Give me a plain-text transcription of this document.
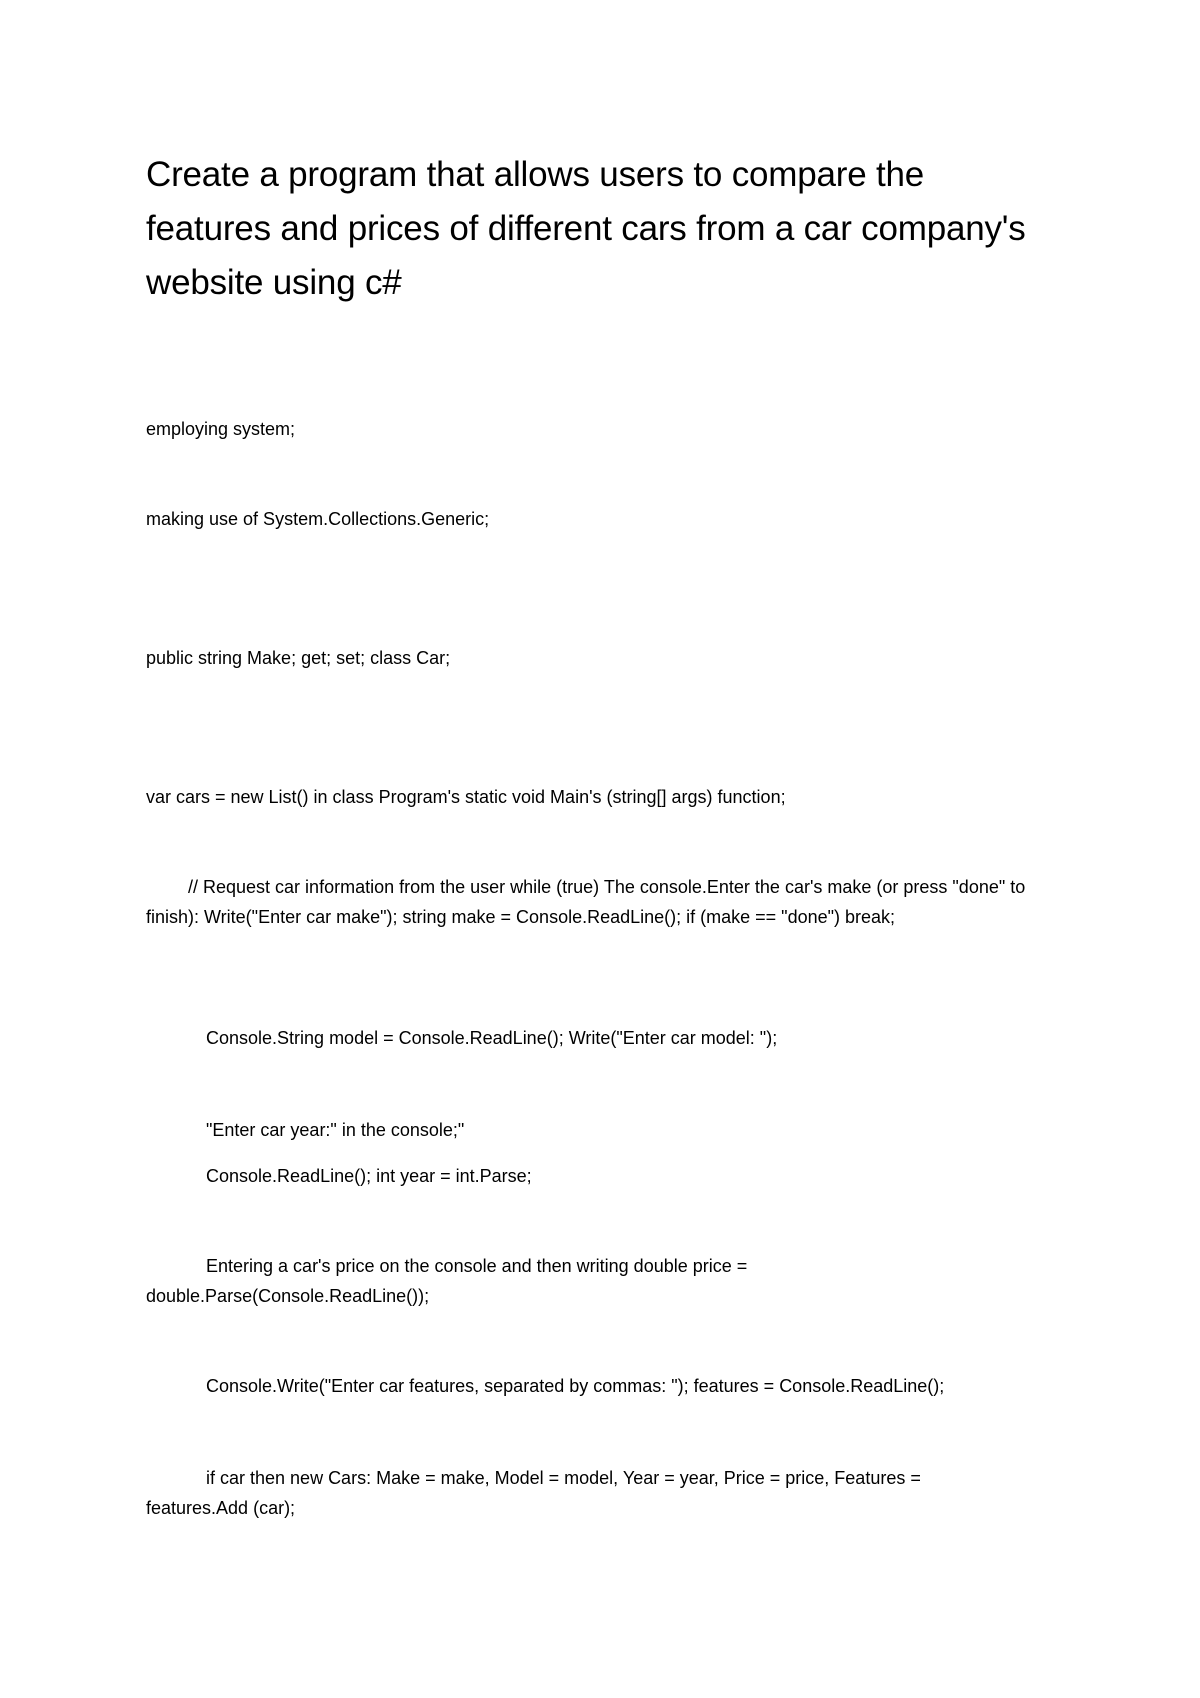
Create a program that allows users to compare the features and prices of different cars from a car company's website using c#

employing system;

making use of System.Collections.Generic;

public string Make; get; set; class Car;

var cars = new List() in class Program's static void Main's (string[] args) function;

// Request car information from the user while (true) The console.Enter the car's make (or press "done" to finish): Write("Enter car make"); string make = Console.ReadLine(); if (make == "done") break;

Console.String model = Console.ReadLine(); Write("Enter car model: ");

"Enter car year:" in the console;"

Console.ReadLine(); int year = int.Parse;

Entering a car's price on the console and then writing double price = double.Parse(Console.ReadLine());

Console.Write("Enter car features, separated by commas: "); features = Console.ReadLine();

if car then new Cars: Make = make, Model = model, Year = year, Price = price, Features = features.Add (car);
